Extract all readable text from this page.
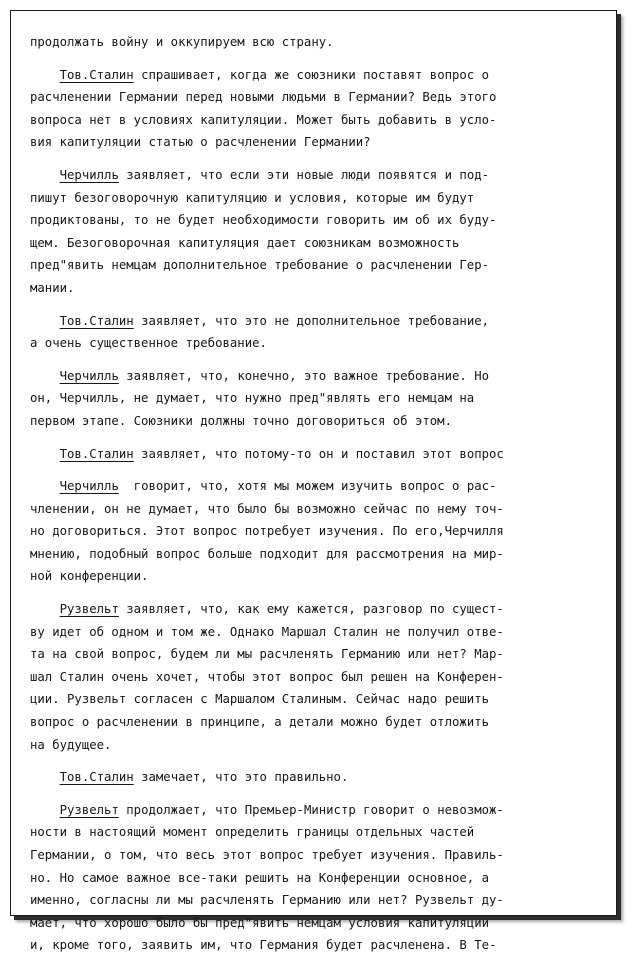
продолжать войну и оккупируем всю страну.
Тов.Сталин спрашивает, когда же союзники поставят вопрос о
расчленении Германии перед новыми людьми в Германии? Ведь этого
вопроса нет в условиях капитуляции. Может быть добавить в усло-
вия капитуляции статью о расчленении Германии?
Черчилль заявляет, что если эти новые люди появятся и под-
пишут безоговорочную капитуляцию и условия, которые им будут
продиктованы, то не будет необходимости говорить им об их буду-
щем. Безоговорочная капитуляция дает союзникам возможность
пред"явить немцам дополнительное требование о расчленении Гер-
мании.
Тов.Сталин заявляет, что это не дополнительное требование,
а очень существенное требование.
Черчилль заявляет, что, конечно, это важное требование. Но
он, Черчилль, не думает, что нужно пред"являть его немцам на
первом этапе. Союзники должны точно договориться об этом.
Тов.Сталин заявляет, что потому-то он и поставил этот вопрос
Черчилль  говорит, что, хотя мы можем изучить вопрос о рас-
членении, он не думает, что было бы возможно сейчас по нему точ-
но договориться. Этот вопрос потребует изучения. По его,Черчилля
мнению, подобный вопрос больше подходит для рассмотрения на мир-
ной конференции.
Рузвельт заявляет, что, как ему кажется, разговор по сущест-
ву идет об одном и том же. Однако Маршал Сталин не получил отве-
та на свой вопрос, будем ли мы расчленять Германию или нет? Мар-
шал Сталин очень хочет, чтобы этот вопрос был решен на Конферен-
ции. Рузвельт согласен с Маршалом Сталиным. Сейчас надо решить
вопрос о расчленении в принципе, а детали можно будет отложить
на будущее.
Тов.Сталин замечает, что это правильно.
Рузвельт продолжает, что Премьер-Министр говорит о невозмож-
ности в настоящий момент определить границы отдельных частей
Германии, о том, что весь этот вопрос требует изучения. Правиль-
но. Но самое важное все-таки решить на Конференции основное, а
именно, согласны ли мы расчленять Германию или нет? Рузвельт ду-
мает, что хорошо было бы пред"явить немцам условия капитуляции
и, кроме того, заявить им, что Германия будет расчленена. В Те-
